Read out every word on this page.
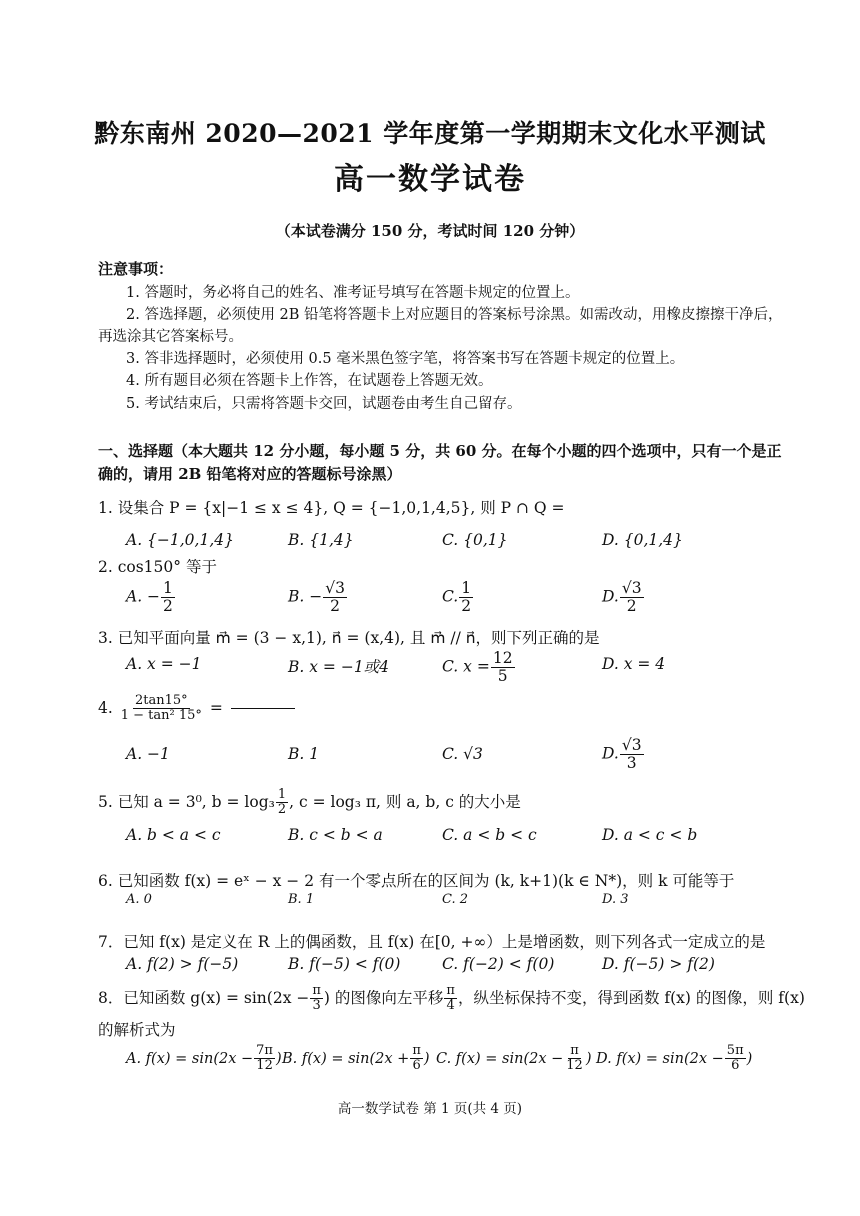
黔东南州 2020—2021 学年度第一学期期末文化水平测试
高一数学试卷
（本试卷满分 150 分，考试时间 120 分钟）
注意事项：
1. 答题时，务必将自己的姓名、准考证号填写在答题卡规定的位置上。
2. 答选择题，必须使用 2B 铅笔将答题卡上对应题目的答案标号涂黑。如需改动，用橡皮擦擦干净后，再选涂其它答案标号。
3. 答非选择题时，必须使用 0.5 毫米黑色签字笔，将答案书写在答题卡规定的位置上。
4. 所有题目必须在答题卡上作答，在试题卷上答题无效。
5. 考试结束后，只需将答题卡交回，试题卷由考生自己留存。
一、选择题（本大题共 12 分小题，每小题 5 分，共 60 分。在每个小题的四个选项中，只有一个是正确的，请用 2B 铅笔将对应的答题标号涂黑）
1. 设集合 P = {x|−1 ≤ x ≤ 4}, Q = {−1,0,1,4,5}, 则 P ∩ Q =
A. {−1,0,1,4}	B. {1,4}	C. {0,1}	D. {0,1,4}
2. cos150° 等于
A. − $\frac{1}{2}$	B. − $\frac{√3}{2}$	C. $\frac{1}{2}$	D. $\frac{√3}{2}$
3. 已知平面向量 m⃗ = (3 − x,1), n⃗ = (x,4), 且 m⃗ // n⃗，则下列正确的是
A. x = −1	B. x = −1或4	C. $x = \frac{12}{5}$	D. x = 4
4. $\frac{2\tan 15^\circ}{\text{1 − tan² 15°}}$ =
A. −1	B. 1	C. √3	D. $\frac{√3}{3}$
5. 已知 a = 3⁰, $b = \log_3 \frac{1}{2}$ , c = log₃ π, 则 a, b, c 的大小是
A. b < a < c	B. c < b < a	C. a < b < c	D. a < c < b
6. 已知函数 f(x) = eˣ − x − 2 有一个零点所在的区间为 (k, k+1)(k ∈ N*)，则 k 可能等于
A. 0	B. 1	C. 2	D. 3
7．已知 f(x) 是定义在 R 上的偶函数，且 f(x) 在[0, +∞）上是增函数，则下列各式一定成立的是
A. f(2) > f(−5)	B. f(−5) < f(0)	C. f(−2) < f(0)	D. f(−5) > f(2)
8．已知函数 $g(x) = \sin(2x - \frac{\pi}{3}$ ) 的图像向左平移 $\frac{\pi}{4}$ ，纵坐标保持不变，得到函数 f(x) 的图像，则 f(x)
的解析式为
A. $f(x) = \sin(2x - \frac{7\pi}{12}$ ) B. $f(x) = \sin(2x + \frac{\pi}{6}$ ) C. $f(x) = \sin(2x - \frac{\pi}{12}$ ) D. $f(x) = \sin(2x - \frac{5\pi}{6}$ )
高一数学试卷 第 1 页(共 4 页)
